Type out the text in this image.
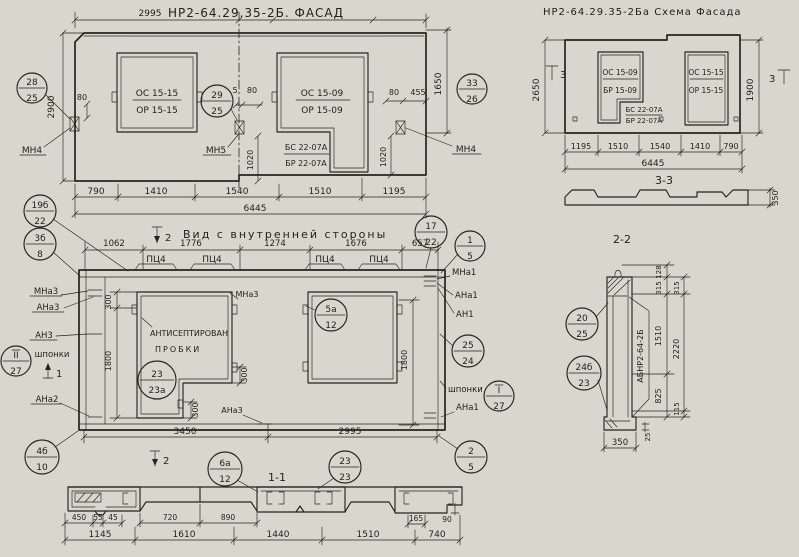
НР2-64.29.35-2Б. ФАСАД
ОС 15-15
ОР 15-15
ОС 15-09
ОР 15-09
БС 22-07А
БР 22-07А
МН4	МН5	МН4
28
25	29
25
33
26
2995
2900 80
5 80	80 455
1020	1020
1650
790	1410	1540	1510	1195
6445
НР2-64.29.35-2Ба Схема Фасада
ОС 15-09
БР 15-09
БС 22-07А
БР 22-07А
ОС 15-15
ОР 15-15
2650
3
1900 3
1195 1510	1540 1410 790
6445
3-3
350
19б
22
3б
8
Вид с внутренней стороны
2
1062	1776	1274	1676	657
ПЦ4	ПЦ4	ПЦ4	ПЦ4
АНТИСЕПТИРОВАН
ПРОБКИ
23
23а
5а
12
МНа3
АНа3
300
1800
300
300
1800
17
22	1
5
МНа1
АНа1
АН1
25
24
шпонки I
27
АНа1
МНа3
АНа3
АН3
шпонки
II
27	1
АНа2
4б
10
3450	2995
2
2
5
6а
12
23
23
1-1
450 55 45	720	890	165	90
1145	1610	1440	1510	740
2-2
АБНР2-64-2Б
128
315
1510
825
315
2220
115
25
350
20
25
24б
23
